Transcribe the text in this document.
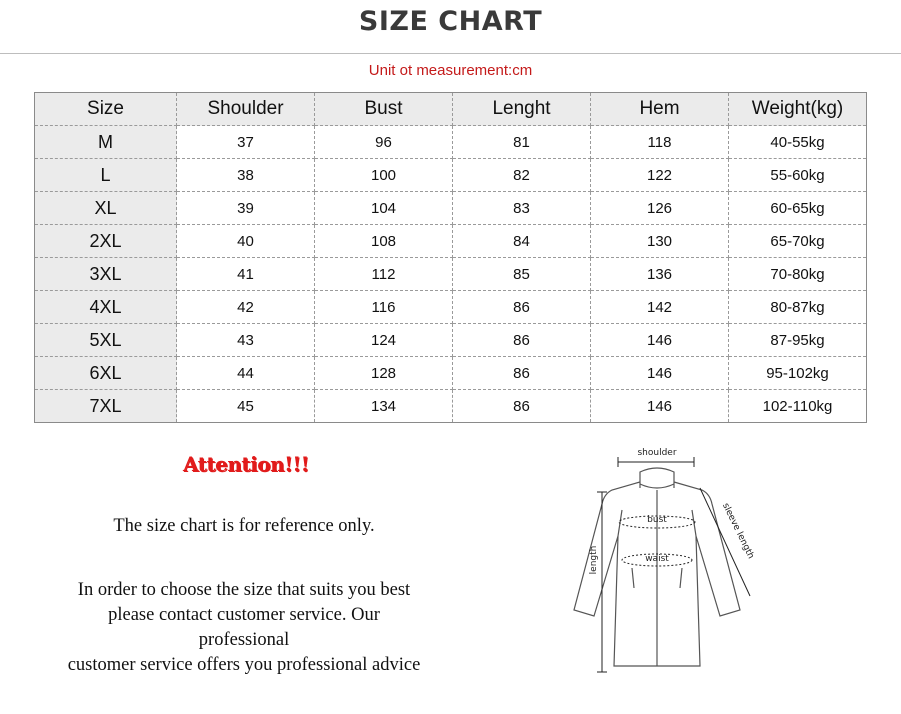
SIZE CHART
Unit ot measurement:cm
Size	Shoulder	Bust	Lenght	Hem	Weight(kg)
M	37	96	81	118	40-55kg
L	38	100	82	122	55-60kg
XL	39	104	83	126	60-65kg
2XL	40	108	84	130	65-70kg
3XL	41	112	85	136	70-80kg
4XL	42	116	86	142	80-87kg
5XL	43	124	86	146	87-95kg
6XL	44	128	86	146	95-102kg
7XL	45	134	86	146	102-110kg
Attention!!!
The size chart is for reference only.
In order to choose the size that suits you best
please contact customer service. Our
professional
customer service offers you professional advice
shoulder
bust
waist
length	sleeve length
